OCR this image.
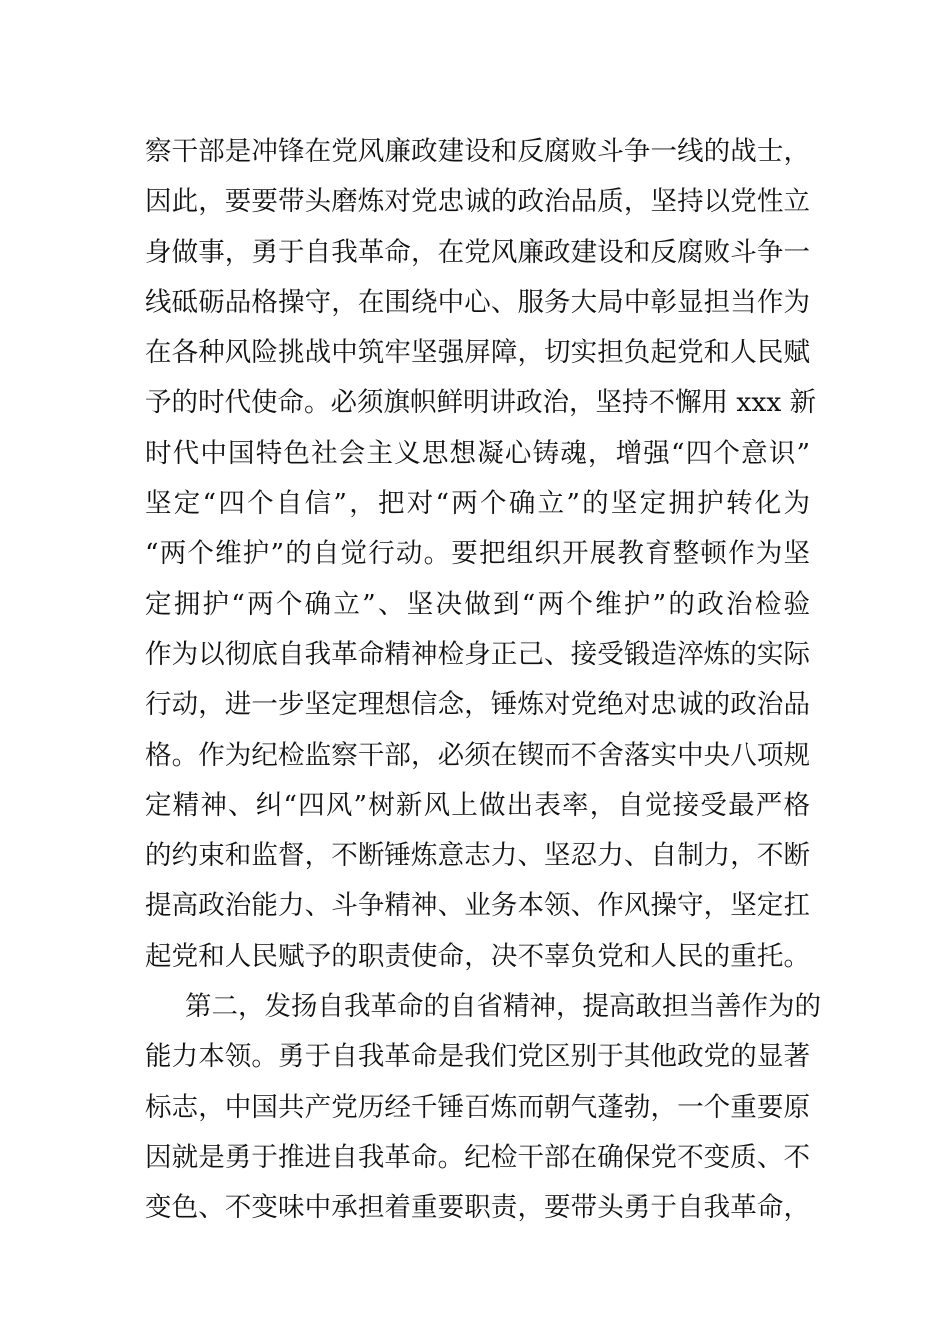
察干部是冲锋在党风廉政建设和反腐败斗争一线的战士，
因此，要要带头磨炼对党忠诚的政治品质，坚持以党性立
身做事，勇于自我革命，在党风廉政建设和反腐败斗争一
线砥砺品格操守，在围绕中心、服务大局中彰显担当作为
在各种风险挑战中筑牢坚强屏障，切实担负起党和人民赋
予的时代使命。必须旗帜鲜明讲政治，坚持不懈用 xxx 新
时代中国特色社会主义思想凝心铸魂，增强“四个意识”
坚定“四个自信”，把对“两个确立”的坚定拥护转化为
“两个维护”的自觉行动。要把组织开展教育整顿作为坚
定拥护“两个确立”、坚决做到“两个维护”的政治检验
作为以彻底自我革命精神检身正己、接受锻造淬炼的实际
行动，进一步坚定理想信念，锤炼对党绝对忠诚的政治品
格。作为纪检监察干部，必须在锲而不舍落实中央八项规
定精神、纠“四风”树新风上做出表率，自觉接受最严格
的约束和监督，不断锤炼意志力、坚忍力、自制力，不断
提高政治能力、斗争精神、业务本领、作风操守，坚定扛
起党和人民赋予的职责使命，决不辜负党和人民的重托。
第二，发扬自我革命的自省精神，提高敢担当善作为的
能力本领。勇于自我革命是我们党区别于其他政党的显著
标志，中国共产党历经千锤百炼而朝气蓬勃，一个重要原
因就是勇于推进自我革命。纪检干部在确保党不变质、不
变色、不变味中承担着重要职责，要带头勇于自我革命，
